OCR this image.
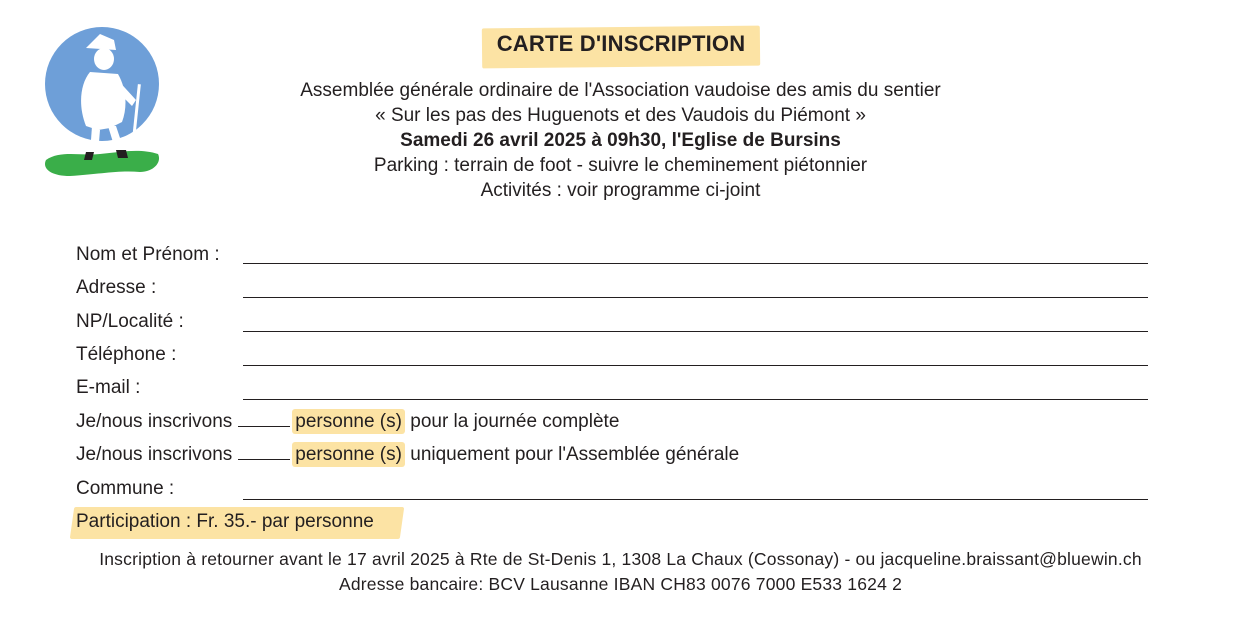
CARTE D'INSCRIPTION
Assemblée générale ordinaire de l'Association vaudoise des amis du sentier
« Sur les pas des Huguenots et des Vaudois du Piémont »
Samedi 26 avril 2025 à 09h30, l'Eglise de Bursins
Parking : terrain de foot - suivre le cheminement piétonnier
Activités : voir programme ci-joint
Nom et Prénom :
Adresse :
NP/Localité :
Téléphone :
E-mail :
Je/nous inscrivons	personne (s) pour la journée complète
Je/nous inscrivons	personne (s) uniquement pour l'Assemblée générale
Commune :
Participation : Fr. 35.- par personne
Inscription à retourner avant le 17 avril 2025 à Rte de St-Denis 1, 1308 La Chaux (Cossonay) - ou jacqueline.braissant@bluewin.ch
Adresse bancaire: BCV Lausanne IBAN CH83 0076 7000 E533 1624 2
